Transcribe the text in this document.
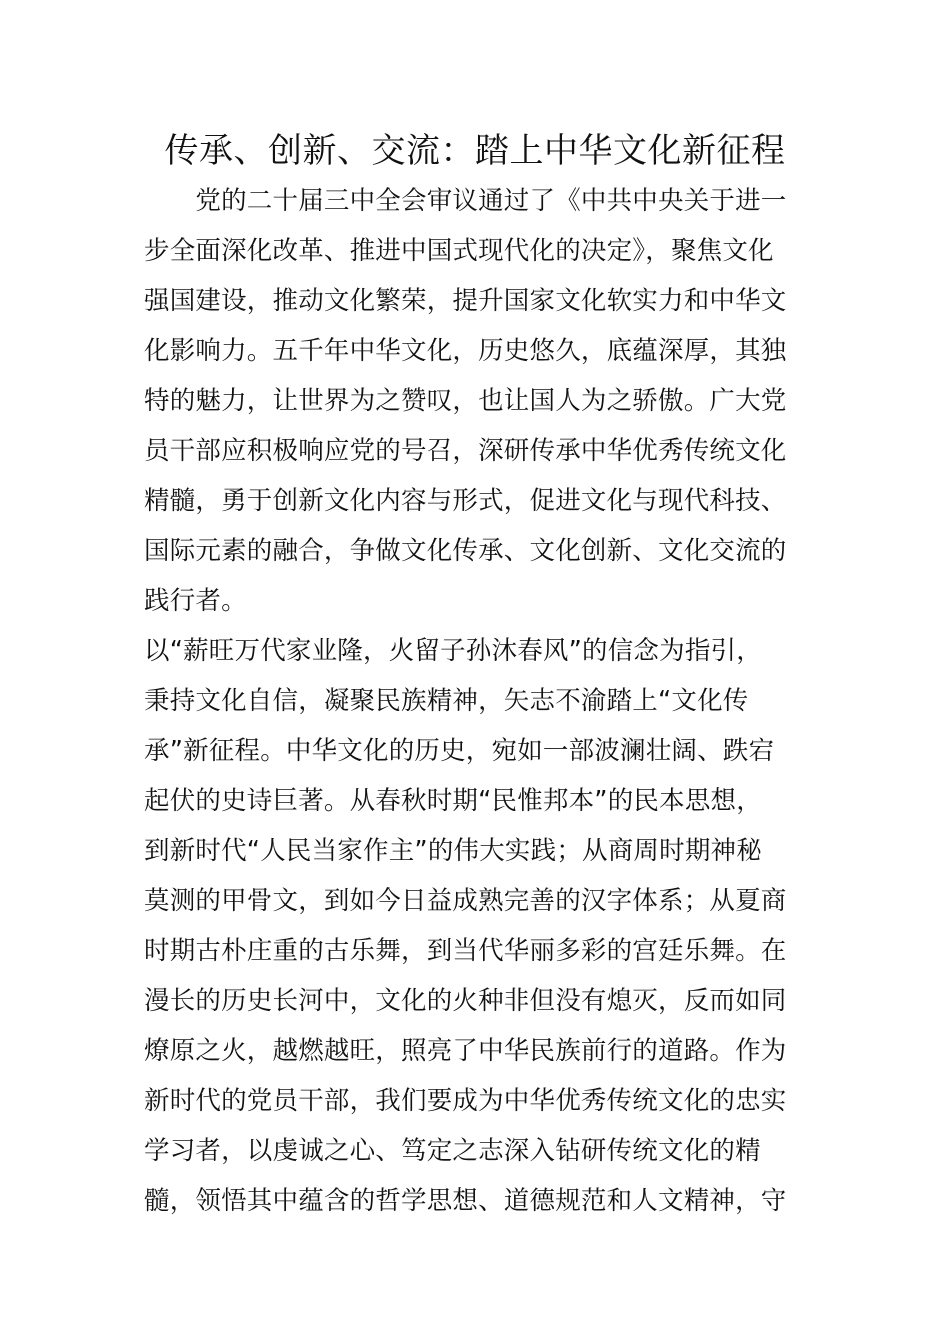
传承、创新、交流：踏上中华文化新征程
　　党的二十届三中全会审议通过了《中共中央关于进一
步全面深化改革、推进中国式现代化的决定》，聚焦文化
强国建设，推动文化繁荣，提升国家文化软实力和中华文
化影响力。五千年中华文化，历史悠久，底蕴深厚，其独
特的魅力，让世界为之赞叹，也让国人为之骄傲。广大党
员干部应积极响应党的号召，深研传承中华优秀传统文化
精髓，勇于创新文化内容与形式，促进文化与现代科技、
国际元素的融合，争做文化传承、文化创新、文化交流的
践行者。
以“薪旺万代家业隆，火留子孙沐春风”的信念为指引，
秉持文化自信，凝聚民族精神，矢志不渝踏上“文化传
承”新征程。中华文化的历史，宛如一部波澜壮阔、跌宕
起伏的史诗巨著。从春秋时期“民惟邦本”的民本思想，
到新时代“人民当家作主”的伟大实践；从商周时期神秘
莫测的甲骨文，到如今日益成熟完善的汉字体系；从夏商
时期古朴庄重的古乐舞，到当代华丽多彩的宫廷乐舞。在
漫长的历史长河中，文化的火种非但没有熄灭，反而如同
燎原之火，越燃越旺，照亮了中华民族前行的道路。作为
新时代的党员干部，我们要成为中华优秀传统文化的忠实
学习者，以虔诚之心、笃定之志深入钻研传统文化的精
髓，领悟其中蕴含的哲学思想、道德规范和人文精神，守
